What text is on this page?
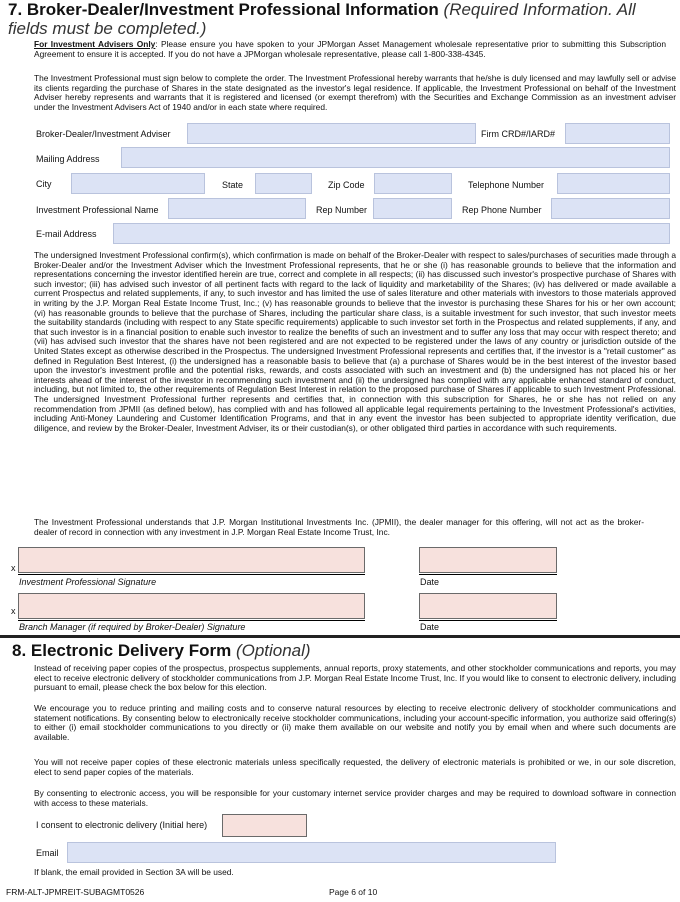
7. Broker-Dealer/Investment Professional Information (Required Information. All fields must be completed.)
For Investment Advisers Only: Please ensure you have spoken to your JPMorgan Asset Management wholesale representative prior to submitting this Subscription Agreement to ensure it is accepted. If you do not have a JPMorgan wholesale representative, please call 1-800-338-4345.
The Investment Professional must sign below to complete the order. The Investment Professional hereby warrants that he/she is duly licensed and may lawfully sell or advise its clients regarding the purchase of Shares in the state designated as the investor's legal residence. If applicable, the Investment Professional on behalf of the Investment Adviser hereby represents and warrants that it is registered and licensed (or exempt therefrom) with the Securities and Exchange Commission as an investment adviser under the Investment Advisers Act of 1940 and/or in each state where required.
Broker-Dealer/Investment Adviser	Firm CRD#/IARD#
Mailing Address
City	State	Zip Code	Telephone Number
Investment Professional Name	Rep Number	Rep Phone Number
E-mail Address
The undersigned Investment Professional confirm(s), which confirmation is made on behalf of the Broker-Dealer with respect to sales/purchases of securities made through a Broker-Dealer and/or the Investment Adviser which the Investment Professional represents, that he or she (i) has reasonable grounds to believe that the information and representations concerning the investor identified herein are true, correct and complete in all respects; (ii) has discussed such investor's prospective purchase of Shares with such investor; (iii) has advised such investor of all pertinent facts with regard to the lack of liquidity and marketability of the Shares; (iv) has delivered or made available a current Prospectus and related supplements, if any, to such investor and has limited the use of sales literature and other materials with investors to those materials approved in writing by the J.P. Morgan Real Estate Income Trust, Inc.; (v) has reasonable grounds to believe that the investor is purchasing these Shares for his or her own account; (vi) has reasonable grounds to believe that the purchase of Shares, including the particular share class, is a suitable investment for such investor, that such investor meets the suitability standards (including with respect to any State specific requirements) applicable to such investor set forth in the Prospectus and related supplements, if any, and that such investor is in a financial position to enable such investor to realize the benefits of such an investment and to suffer any loss that may occur with respect thereto; and (vii) has advised such investor that the shares have not been registered and are not expected to be registered under the laws of any country or jurisdiction outside of the United States except as otherwise described in the Prospectus. The undersigned Investment Professional represents and certifies that, if the investor is a "retail customer" as defined in Regulation Best Interest, (i) the undersigned has a reasonable basis to believe that (a) a purchase of Shares would be in the best interest of the investor based upon the investor's investment profile and the potential risks, rewards, and costs associated with such an investment and (b) the undersigned has not placed his or her interests ahead of the interest of the investor in recommending such investment and (ii) the undersigned has complied with any applicable enhanced standard of conduct, including, but not limited to, the other requirements of Regulation Best Interest in relation to the proposed purchase of Shares if applicable to such Investment Professional. The undersigned Investment Professional further represents and certifies that, in connection with this subscription for Shares, he or she has not relied on any recommendation from JPMII (as defined below), has complied with and has followed all applicable legal requirements pertaining to the Investment Professional's activities, including Anti-Money Laundering and Customer Identification Programs, and that in any event the investor has been subjected to appropriate identity verification, due diligence, and review by the Broker-Dealer, Investment Adviser, its or their custodian(s), or other obligated third parties in accordance with such requirements.
The Investment Professional understands that J.P. Morgan Institutional Investments Inc. (JPMII), the dealer manager for this offering, will not act as the broker-dealer of record in connection with any investment in J.P. Morgan Real Estate Income Trust, Inc.
x
Investment Professional Signature	Date
x
Branch Manager (if required by Broker-Dealer) Signature	Date
8. Electronic Delivery Form (Optional)
Instead of receiving paper copies of the prospectus, prospectus supplements, annual reports, proxy statements, and other stockholder communications and reports, you may elect to receive electronic delivery of stockholder communications from J.P. Morgan Real Estate Income Trust, Inc. If you would like to consent to electronic delivery, including pursuant to email, please check the box below for this election.
We encourage you to reduce printing and mailing costs and to conserve natural resources by electing to receive electronic delivery of stockholder communications and statement notifications. By consenting below to electronically receive stockholder communications, including your account-specific information, you authorize said offering(s) to either (i) email stockholder communications to you directly or (ii) make them available on our website and notify you by email when and where such documents are available.
You will not receive paper copies of these electronic materials unless specifically requested, the delivery of electronic materials is prohibited or we, in our sole discretion, elect to send paper copies of the materials.
By consenting to electronic access, you will be responsible for your customary internet service provider charges and may be required to download software in connection with access to these materials.
I consent to electronic delivery (Initial here)
Email
If blank, the email provided in Section 3A will be used.
FRM-ALT-JPMREIT-SUBAGMT0526	Page 6 of 10
